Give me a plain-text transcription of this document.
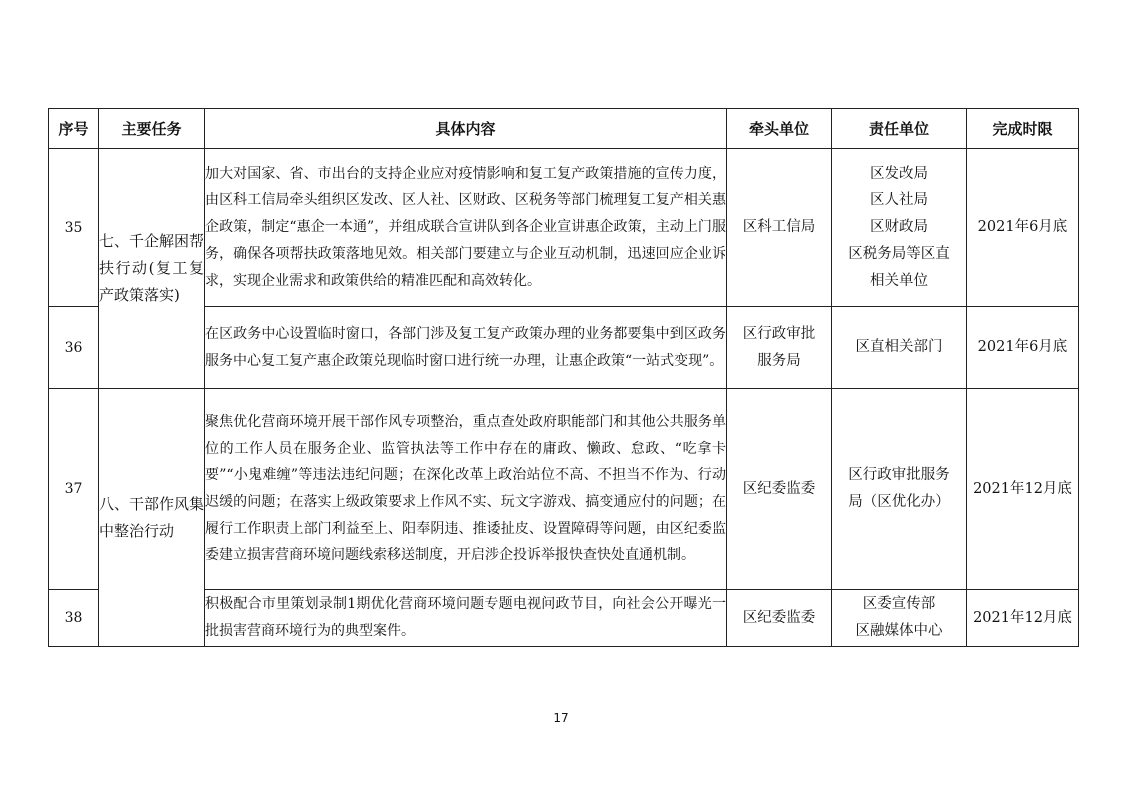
序号	主要任务	具体内容	牵头单位	责任单位	完成时限
35	七、千企解困帮扶行动(复工复产政策落实)	加大对国家、省、市出台的支持企业应对疫情影响和复工复产政策措施的宣传力度，由区科工信局牵头组织区发改、区人社、区财政、区税务等部门梳理复工复产相关惠企政策，制定“惠企一本通”，并组成联合宣讲队到各企业宣讲惠企政策，主动上门服务，确保各项帮扶政策落地见效。相关部门要建立与企业互动机制，迅速回应企业诉求，实现企业需求和政策供给的精准匹配和高效转化。	区科工信局	区发改局
区人社局
区财政局
区税务局等区直
相关单位	2021年6月底
36		在区政务中心设置临时窗口，各部门涉及复工复产政策办理的业务都要集中到区政务服务中心复工复产惠企政策兑现临时窗口进行统一办理，让惠企政策“一站式变现”。	区行政审批
服务局	区直相关部门	2021年6月底
37	八、干部作风集中整治行动	聚焦优化营商环境开展干部作风专项整治，重点查处政府职能部门和其他公共服务单位的工作人员在服务企业、监管执法等工作中存在的庸政、懒政、怠政、“吃拿卡要”“小鬼难缠”等违法违纪问题；在深化改革上政治站位不高、不担当不作为、行动迟缓的问题；在落实上级政策要求上作风不实、玩文字游戏、搞变通应付的问题；在履行工作职责上部门利益至上、阳奉阴违、推诿扯皮、设置障碍等问题，由区纪委监委建立损害营商环境问题线索移送制度，开启涉企投诉举报快查快处直通机制。	区纪委监委	区行政审批服务
局（区优化办）	2021年12月底
38		积极配合市里策划录制1期优化营商环境问题专题电视问政节目，向社会公开曝光一批损害营商环境行为的典型案件。	区纪委监委	区委宣传部
区融媒体中心	2021年12月底
17
